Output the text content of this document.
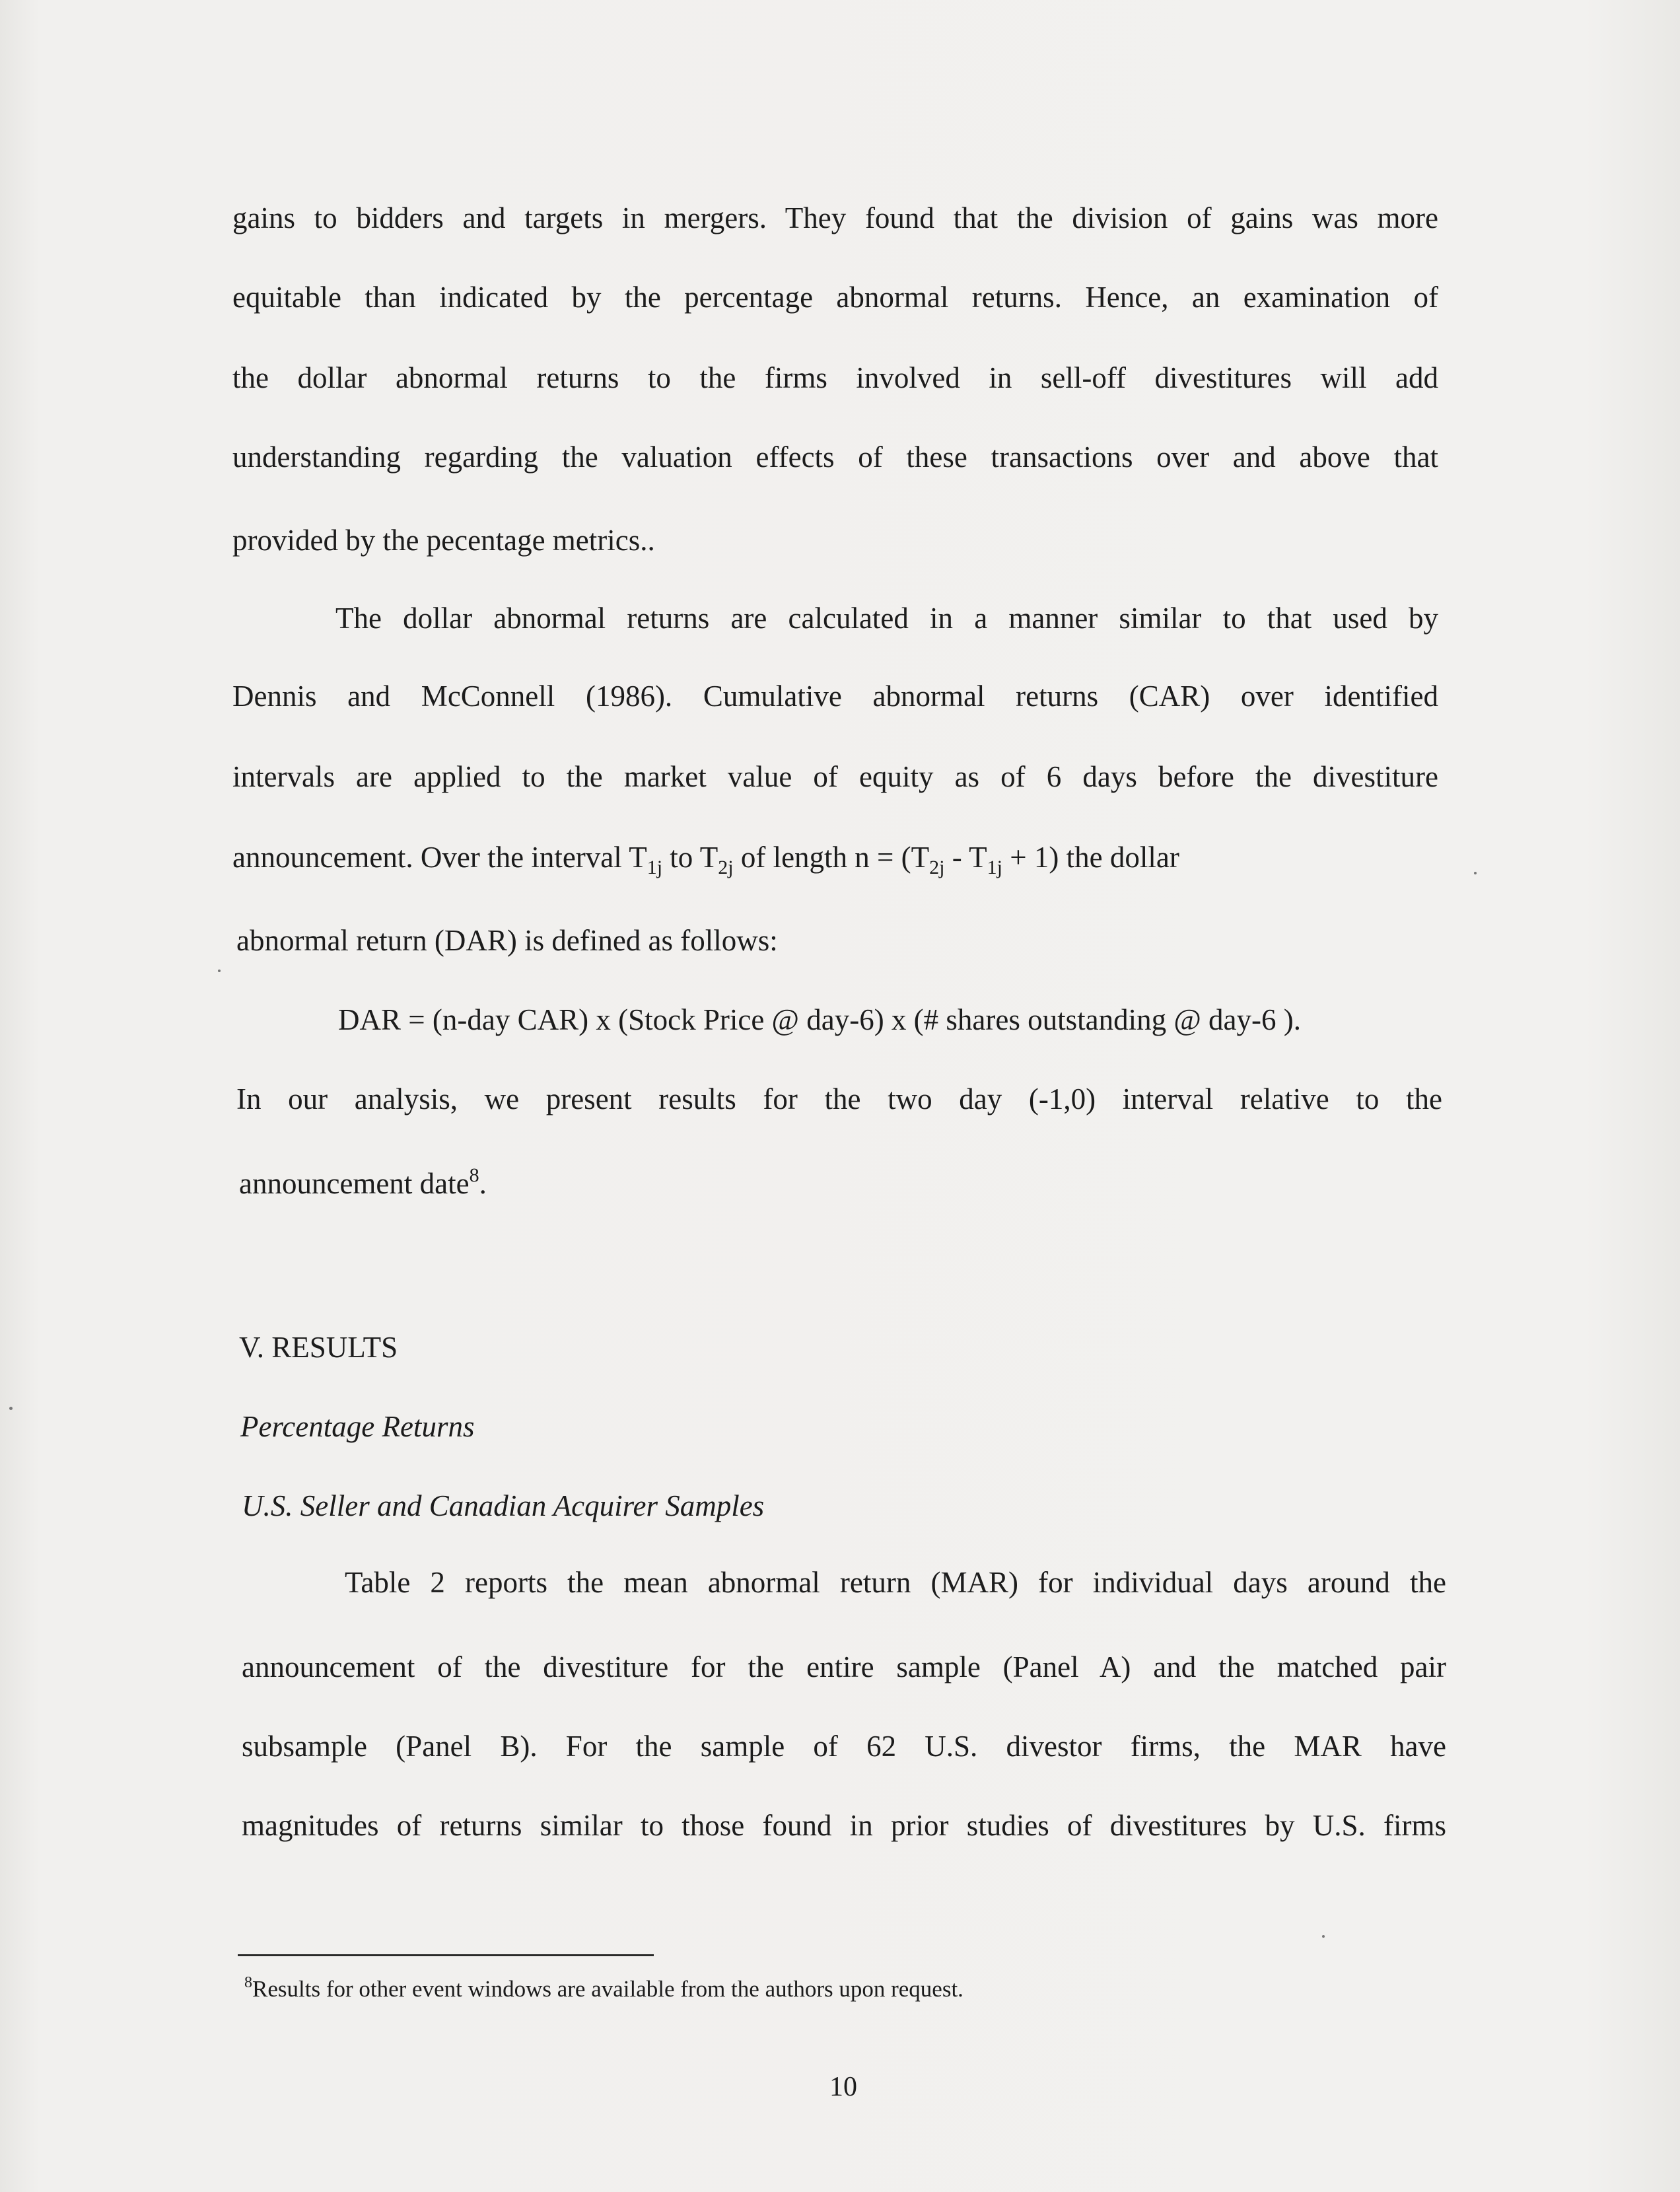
gains to bidders and targets in mergers. They found that the division of gains was more
equitable than indicated by the percentage abnormal returns. Hence, an examination of
the dollar abnormal returns to the firms involved in sell-off divestitures will add
understanding regarding the valuation effects of these transactions over and above that
provided by the pecentage metrics..
The dollar abnormal returns are calculated in a manner similar to that used by
Dennis and McConnell (1986). Cumulative abnormal returns (CAR) over identified
intervals are applied to the market value of equity as of 6 days before the divestiture
announcement. Over the interval $T_{1j}$ to $T_{2j}$ of length $n = (T_{2j} - T_{1j} + 1)$ the dollar
abnormal return (DAR) is defined as follows:
DAR = (n-day CAR) x (Stock Price @ day-6) x (# shares outstanding @ day-6 ).
In our analysis, we present results for the two day (-1,0) interval relative to the
announcement date$^8$.
V. RESULTS
Percentage Returns
U.S. Seller and Canadian Acquirer Samples
Table 2 reports the mean abnormal return (MAR) for individual days around the
announcement of the divestiture for the entire sample (Panel A) and the matched pair
subsample (Panel B). For the sample of 62 U.S. divestor firms, the MAR have
magnitudes of returns similar to those found in prior studies of divestitures by U.S. firms
$^8$Results for other event windows are available from the authors upon request.
10
